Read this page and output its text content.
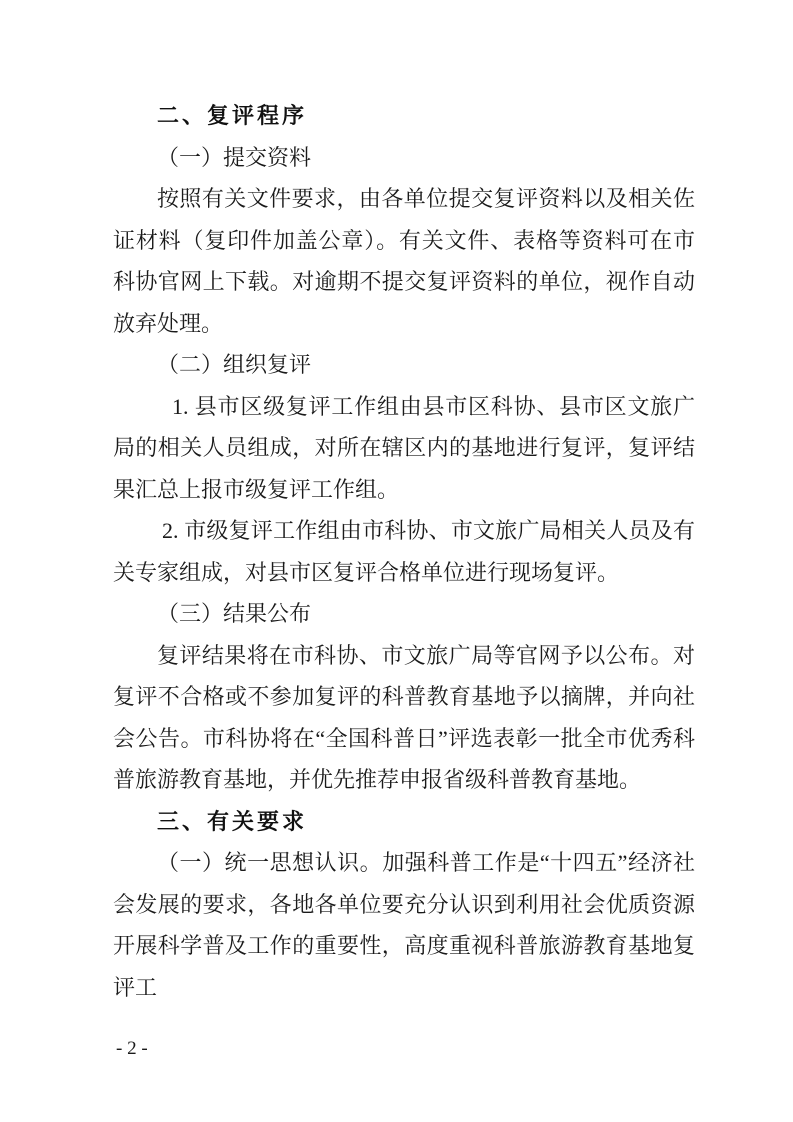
二、复评程序

（一）提交资料

按照有关文件要求，由各单位提交复评资料以及相关佐证材料（复印件加盖公章）。有关文件、表格等资料可在市科协官网上下载。对逾期不提交复评资料的单位，视作自动放弃处理。

（二）组织复评

1. 县市区级复评工作组由县市区科协、县市区文旅广局的相关人员组成，对所在辖区内的基地进行复评，复评结果汇总上报市级复评工作组。

2. 市级复评工作组由市科协、市文旅广局相关人员及有关专家组成，对县市区复评合格单位进行现场复评。

（三）结果公布

复评结果将在市科协、市文旅广局等官网予以公布。对复评不合格或不参加复评的科普教育基地予以摘牌，并向社会公告。市科协将在“全国科普日”评选表彰一批全市优秀科普旅游教育基地，并优先推荐申报省级科普教育基地。

三、有关要求

（一）统一思想认识。加强科普工作是“十四五”经济社会发展的要求，各地各单位要充分认识到利用社会优质资源开展科学普及工作的重要性，高度重视科普旅游教育基地复评工

- 2 -
